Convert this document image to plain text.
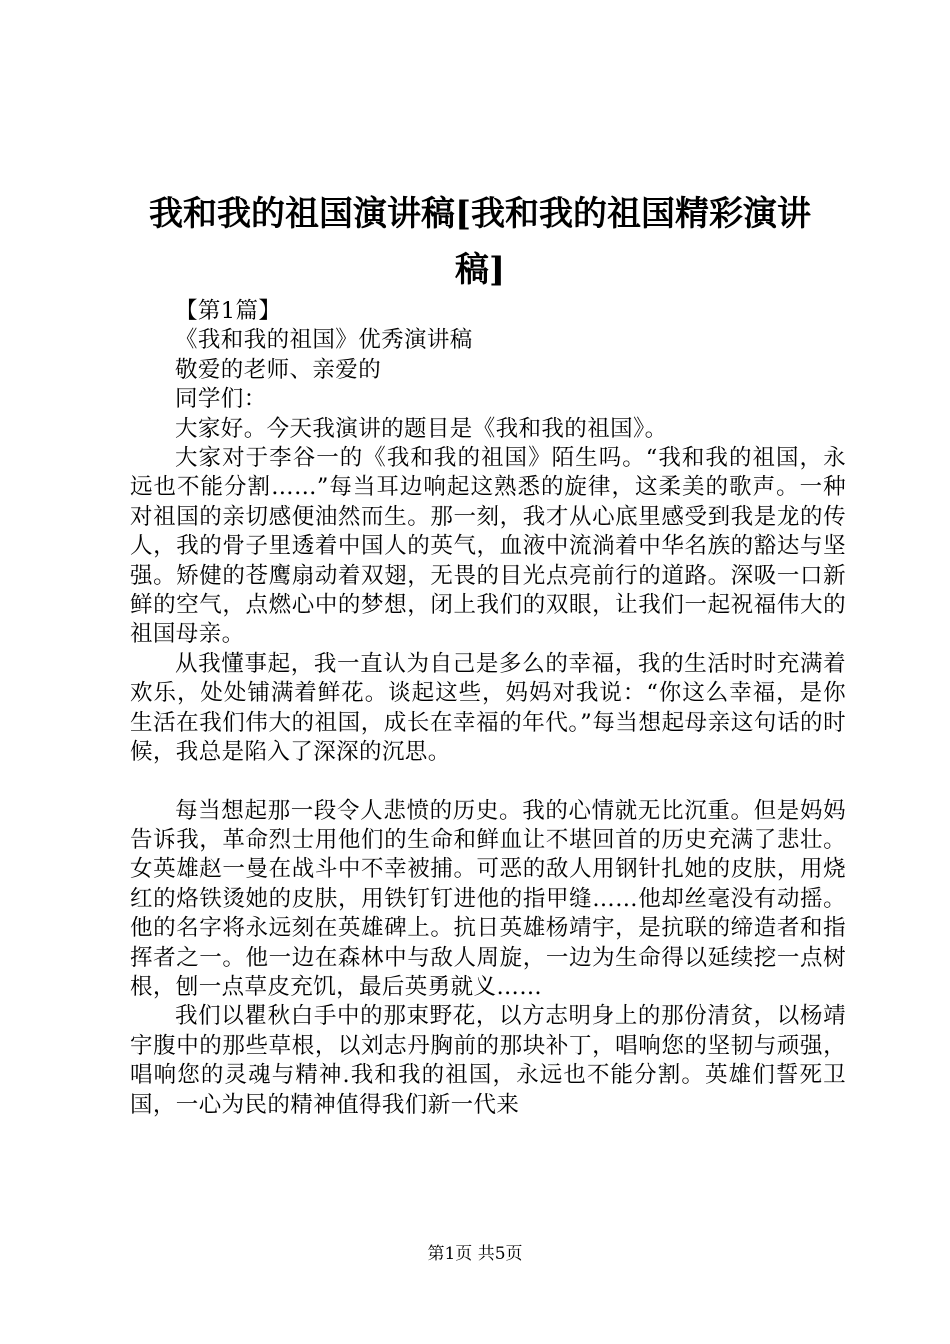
我和我的祖国演讲稿[我和我的祖国精彩演讲稿]

【第1篇】

《我和我的祖国》优秀演讲稿

敬爱的老师、亲爱的

同学们：

大家好。今天我演讲的题目是《我和我的祖国》。

大家对于李谷一的《我和我的祖国》陌生吗。“我和我的祖国，永远也不能分割……”每当耳边响起这熟悉的旋律，这柔美的歌声。一种对祖国的亲切感便油然而生。那一刻，我才从心底里感受到我是龙的传人，我的骨子里透着中国人的英气，血液中流淌着中华名族的豁达与坚强。矫健的苍鹰扇动着双翅，无畏的目光点亮前行的道路。深吸一口新鲜的空气，点燃心中的梦想，闭上我们的双眼，让我们一起祝福伟大的祖国母亲。

从我懂事起，我一直认为自己是多么的幸福，我的生活时时充满着欢乐，处处铺满着鲜花。谈起这些，妈妈对我说：“你这么幸福，是你生活在我们伟大的祖国，成长在幸福的年代。”每当想起母亲这句话的时候，我总是陷入了深深的沉思。

每当想起那一段令人悲愤的历史。我的心情就无比沉重。但是妈妈告诉我，革命烈士用他们的生命和鲜血让不堪回首的历史充满了悲壮。女英雄赵一曼在战斗中不幸被捕。可恶的敌人用钢针扎她的皮肤，用烧红的烙铁烫她的皮肤，用铁钉钉进他的指甲缝……他却丝毫没有动摇。他的名字将永远刻在英雄碑上。抗日英雄杨靖宇，是抗联的缔造者和指挥者之一。他一边在森林中与敌人周旋，一边为生命得以延续挖一点树根，刨一点草皮充饥，最后英勇就义……

我们以瞿秋白手中的那束野花，以方志明身上的那份清贫，以杨靖宇腹中的那些草根，以刘志丹胸前的那块补丁，唱响您的坚韧与顽强，唱响您的灵魂与精神.我和我的祖国，永远也不能分割。英雄们誓死卫国，一心为民的精神值得我们新一代来

第1页 共5页
